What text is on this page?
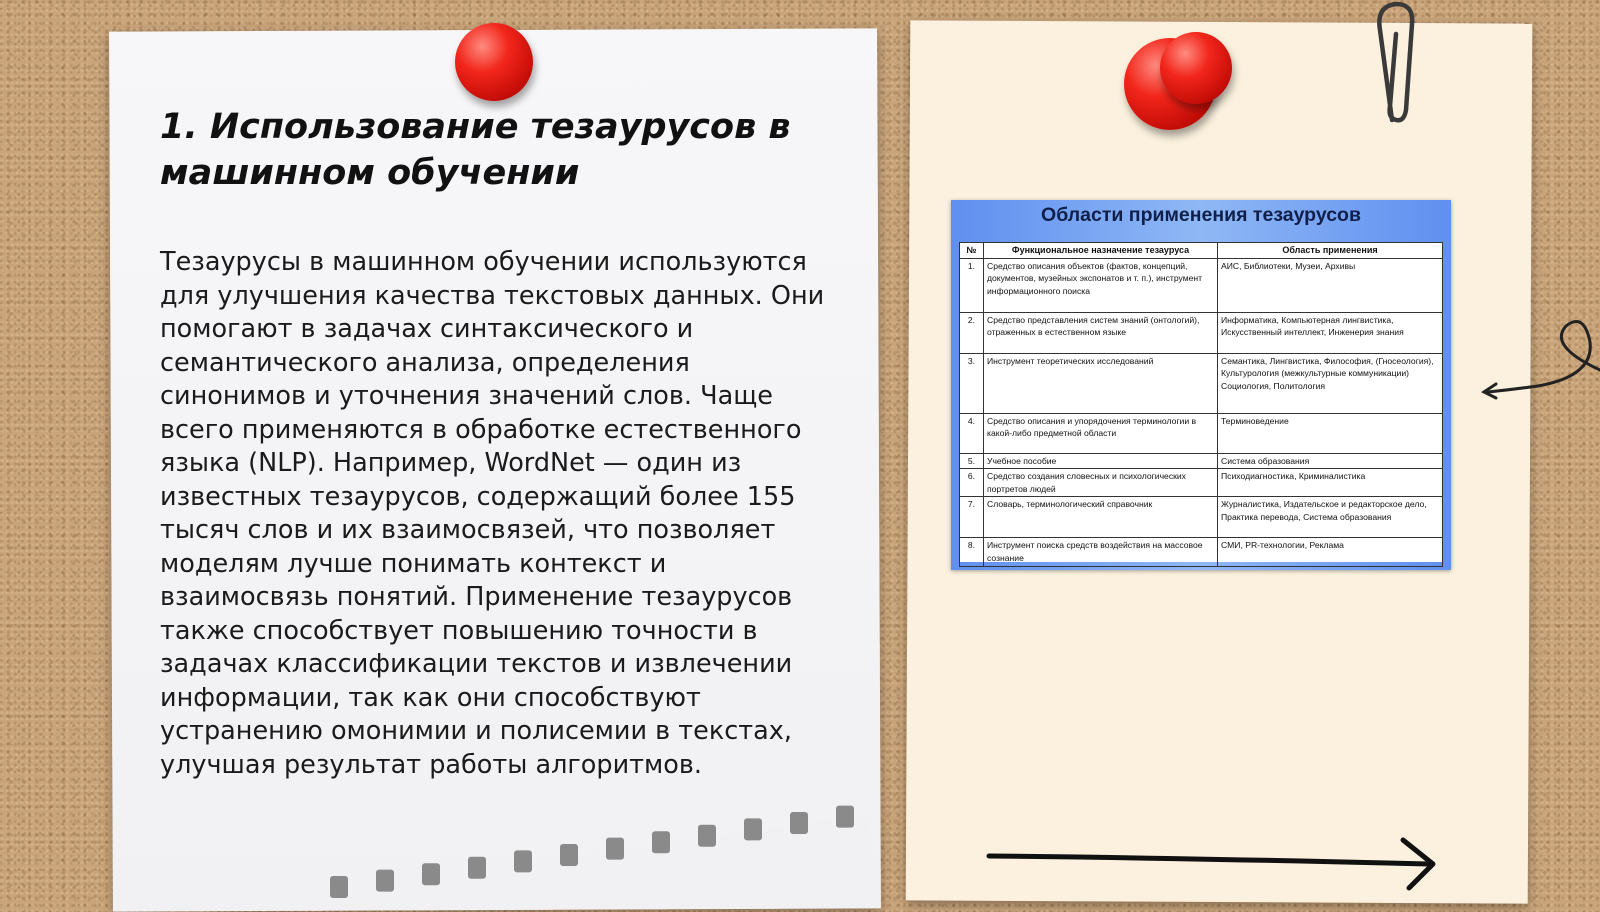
1. Использование тезаурусов в машинном обучении

Тезаурусы в машинном обучении используются для улучшения качества текстовых данных. Они помогают в задачах синтаксического и семантического анализа, определения синонимов и уточнения значений слов. Чаще всего применяются в обработке естественного языка (NLP). Например, WordNet — один из известных тезаурусов, содержащий более 155 тысяч слов и их взаимосвязей, что позволяет моделям лучше понимать контекст и взаимосвязь понятий. Применение тезаурусов также способствует повышению точности в задачах классификации текстов и извлечении информации, так как они способствуют устранению омонимии и полисемии в текстах, улучшая результат работы алгоритмов.

Области применения тезаурусов
№	Функциональное назначение тезауруса	Область применения
1.	Средство описания объектов (фактов, концепций, документов, музейных экспонатов и т. п.), инструмент информационного поиска	АИС, Библиотеки, Музеи, Архивы
2.	Средство представления систем знаний (онтологий), отраженных в естественном языке	Информатика, Компьютерная лингвистика, Искусственный интеллект, Инженерия знания
3.	Инструмент теоретических исследований	Семантика, Лингвистика, Философия, (Гносеология), Культурология (межкультурные коммуникации) Социология, Политология
4.	Средство описания и упорядочения терминологии в какой-либо предметной области	Терминоведение
5.	Учебное пособие	Система образования
6.	Средство создания словесных и психологических портретов людей	Психодиагностика, Криминалистика
7.	Словарь, терминологический справочник	Журналистика, Издательское и редакторское дело, Практика перевода, Система образования
8.	Инструмент поиска средств воздействия на массовое сознание	СМИ, PR-технологии, Реклама
